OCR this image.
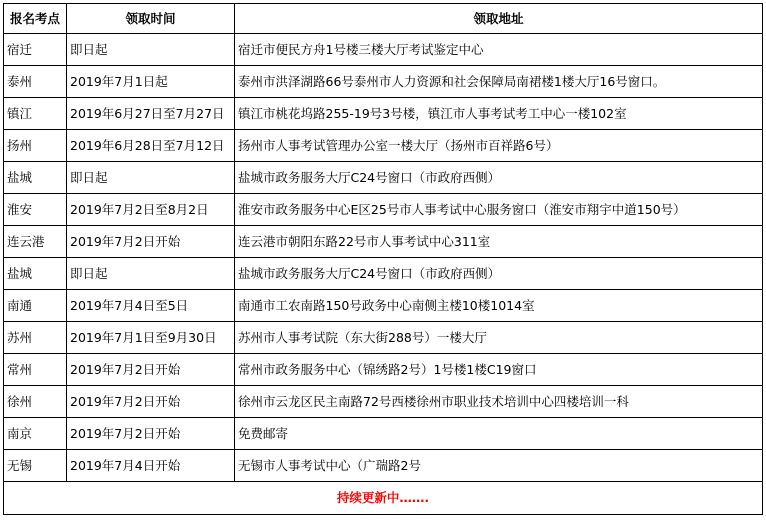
报名考点	领取时间	领取地址
宿迁	即日起	宿迁市便民方舟1号楼三楼大厅考试鉴定中心
泰州	2019年7月1日起	泰州市洪泽湖路66号泰州市人力资源和社会保障局南裙楼1楼大厅16号窗口。
镇江	2019年6月27日至7月27日	镇江市桃花坞路255-19号3号楼，镇江市人事考试考工中心一楼102室
扬州	2019年6月28日至7月12日	扬州市人事考试管理办公室一楼大厅（扬州市百祥路6号）
盐城	即日起	盐城市政务服务大厅C24号窗口（市政府西侧）
淮安	2019年7月2日至8月2日	淮安市政务服务中心E区25号市人事考试中心服务窗口（淮安市翔宇中道150号）
连云港	2019年7月2日开始	连云港市朝阳东路22号市人事考试中心311室
盐城	即日起	盐城市政务服务大厅C24号窗口（市政府西侧）
南通	2019年7月4日至5日	南通市工农南路150号政务中心南侧主楼10楼1014室
苏州	2019年7月1日至9月30日	苏州市人事考试院（东大街288号）一楼大厅
常州	2019年7月2日开始	常州市政务服务中心（锦绣路2号）1号楼1楼C19窗口
徐州	2019年7月2日开始	徐州市云龙区民主南路72号西楼徐州市职业技术培训中心四楼培训一科
南京	2019年7月2日开始	免费邮寄
无锡	2019年7月4日开始	无锡市人事考试中心（广瑞路2号
持续更新中…….		
